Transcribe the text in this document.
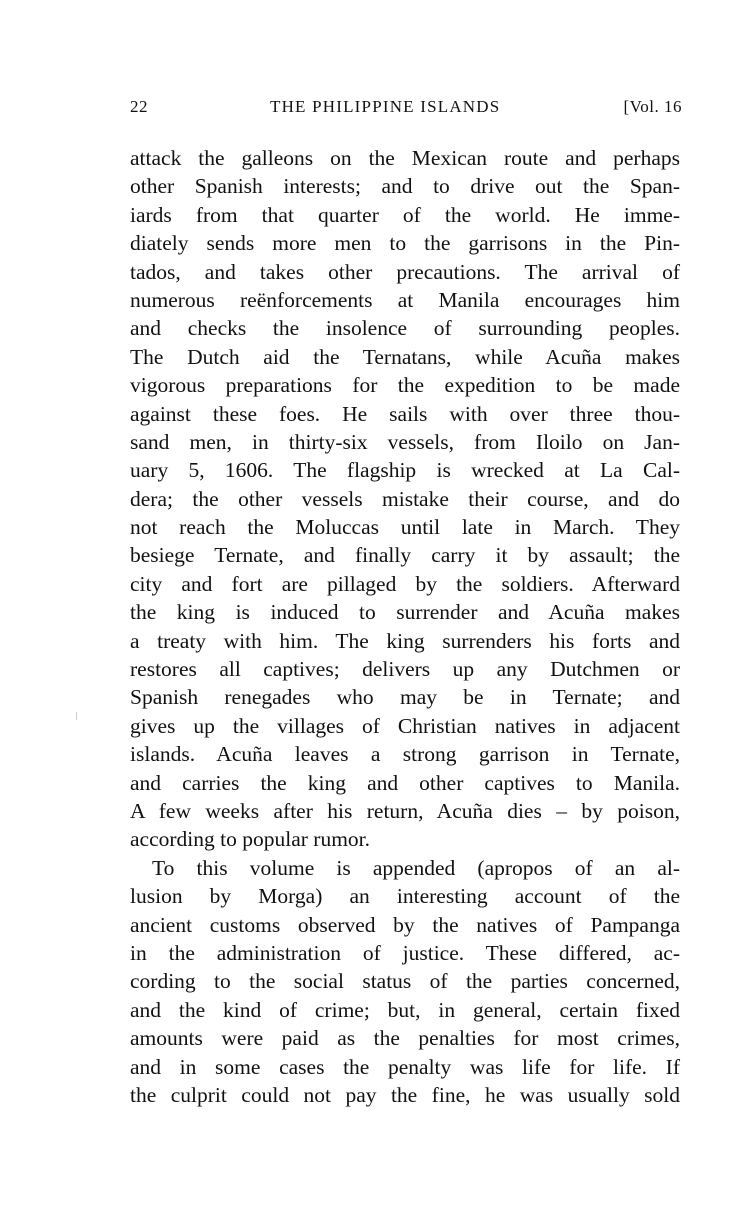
22	THE PHILIPPINE ISLANDS	[Vol. 16
attack the galleons on the Mexican route and perhaps
other Spanish interests; and to drive out the Span-
iards from that quarter of the world. He imme-
diately sends more men to the garrisons in the Pin-
tados, and takes other precautions. The arrival of
numerous reënforcements at Manila encourages him
and checks the insolence of surrounding peoples.
The Dutch aid the Ternatans, while Acuña makes
vigorous preparations for the expedition to be made
against these foes. He sails with over three thou-
sand men, in thirty-six vessels, from Iloilo on Jan-
uary 5, 1606. The flagship is wrecked at La Cal-
dera; the other vessels mistake their course, and do
not reach the Moluccas until late in March. They
besiege Ternate, and finally carry it by assault; the
city and fort are pillaged by the soldiers. Afterward
the king is induced to surrender and Acuña makes
a treaty with him. The king surrenders his forts and
restores all captives; delivers up any Dutchmen or
Spanish renegades who may be in Ternate; and
gives up the villages of Christian natives in adjacent
islands. Acuña leaves a strong garrison in Ternate,
and carries the king and other captives to Manila.
A few weeks after his return, Acuña dies – by poison,
according to popular rumor.
To this volume is appended (apropos of an al-
lusion by Morga) an interesting account of the
ancient customs observed by the natives of Pampanga
in the administration of justice. These differed, ac-
cording to the social status of the parties concerned,
and the kind of crime; but, in general, certain fixed
amounts were paid as the penalties for most crimes,
and in some cases the penalty was life for life. If
the culprit could not pay the fine, he was usually sold
